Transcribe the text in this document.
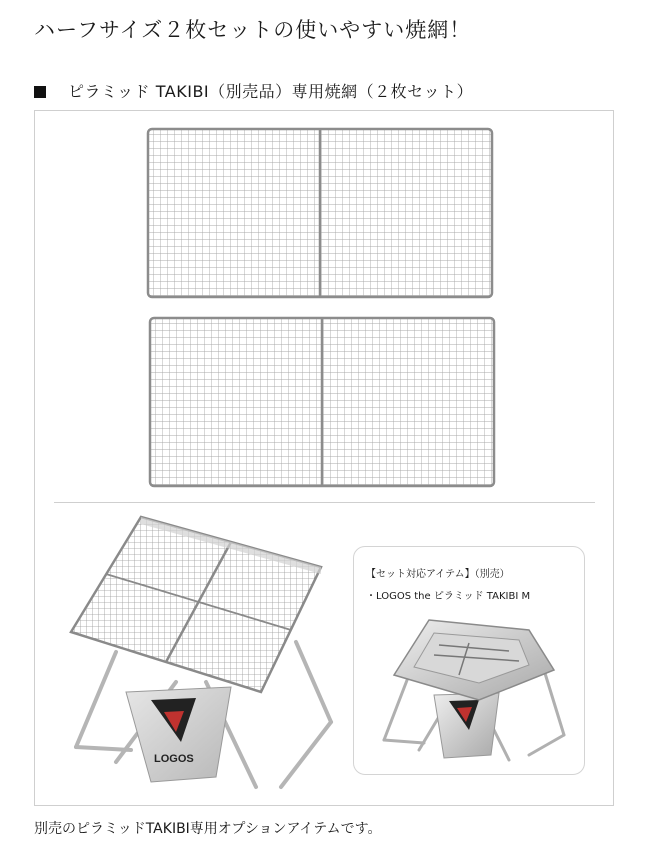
ハーフサイズ２枚セットの使いやすい焼網！
ピラミッド TAKIBI（別売品）専用焼網（２枚セット）
LOGOS
【セット対応アイテム】（別売）
・LOGOS the ピラミッド TAKIBI M
別売のピラミッドTAKIBI専用オプションアイテムです。
